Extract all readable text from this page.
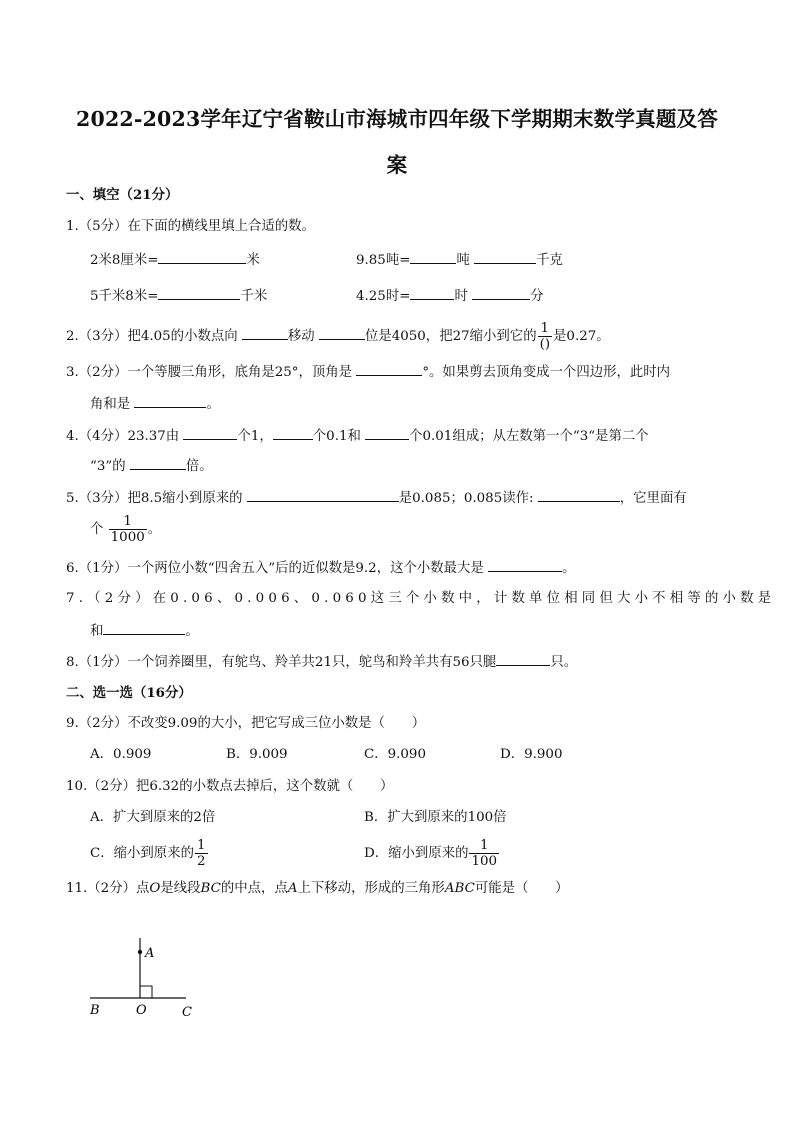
2022-2023学年辽宁省鞍山市海城市四年级下学期期末数学真题及答
案
一、填空（21分）
1.（5分）在下面的横线里填上合适的数。
2米8厘米=	米	9.85吨=	吨	千克
5千米8米=	千米	4.25时=	时	分
2.（3分）把4.05的小数点向	移动	位是4050，把27缩小到它的 $\frac{1}{()}$ 是0.27。
3.（2分）一个等腰三角形，底角是25°，顶角是	°。如果剪去顶角变成一个四边形，此时内
角和是	。
4.（4分）23.37由	个1，	个0.1和	个0.01组成；从左数第一个“3“是第二个
“3”的	倍。
5.（3分）把8.5缩小到原来的	是0.085；0.085读作:	，它里面有
个 $\frac{1}{1000}$ 。
6.（1分）一个两位小数“四舍五入”后的近似数是9.2，这个小数最大是	。
7.（2分）在0.06、0.006、0.060这三个小数中，计数单位相同但大小不相等的小数是
和	。
8.（1分）一个饲养圈里，有鸵鸟、羚羊共21只，鸵鸟和羚羊共有56只腿	只。
二、选一选（16分）
9.（2分）不改变9.09的大小，把它写成三位小数是（　　）
A．0.909	B．9.009	C．9.090	D．9.900
10.（2分）把6.32的小数点去掉后，这个数就（　　）
A．扩大到原来的2倍	B．扩大到原来的100倍
C．缩小到原来的 $\frac{1}{2}$	D．缩小到原来的 $\frac{1}{100}$
11.（2分）点O是线段BC的中点，点A上下移动，形成的三角形ABC可能是（　　）
A
B	O	C
